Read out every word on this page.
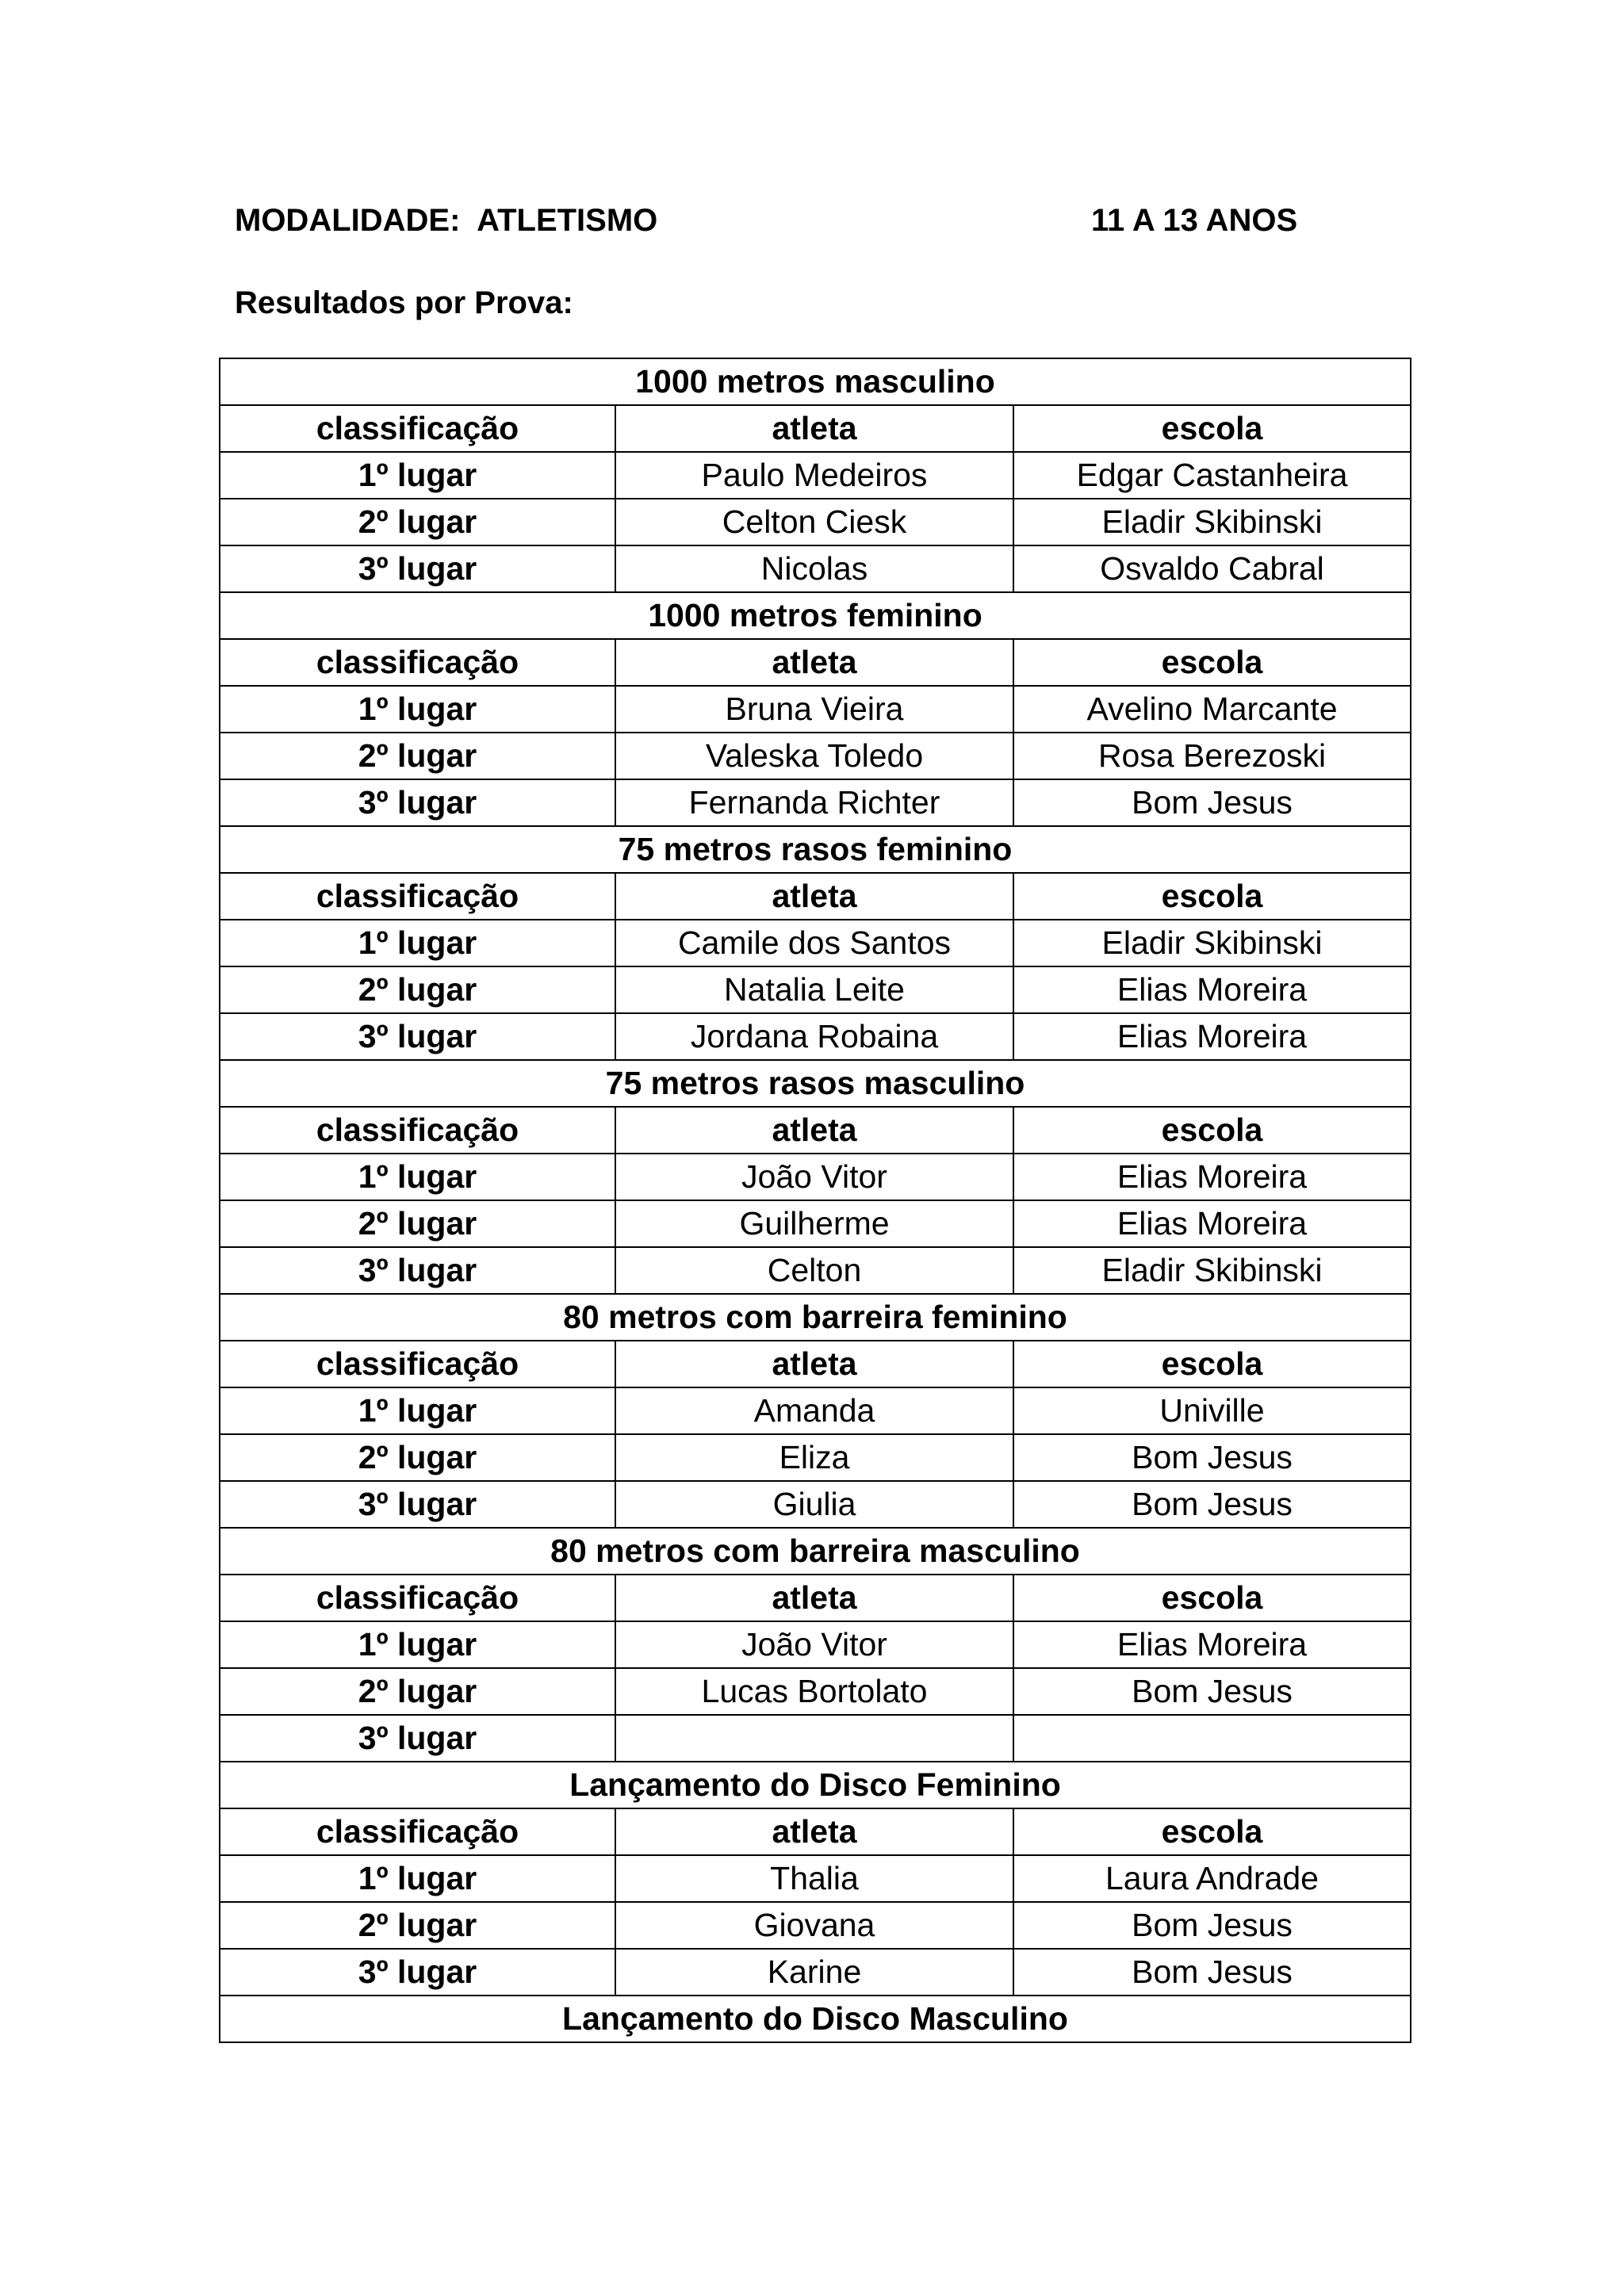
MODALIDADE:  ATLETISMO	11 A 13 ANOS
Resultados por Prova:
1000 metros masculino		
classificação	atleta	escola
1º lugar	Paulo Medeiros	Edgar Castanheira
2º lugar	Celton Ciesk	Eladir Skibinski
3º lugar	Nicolas	Osvaldo Cabral
1000 metros feminino		
classificação	atleta	escola
1º lugar	Bruna Vieira	Avelino Marcante
2º lugar	Valeska Toledo	Rosa Berezoski
3º lugar	Fernanda Richter	Bom Jesus
75 metros rasos feminino		
classificação	atleta	escola
1º lugar	Camile dos Santos	Eladir Skibinski
2º lugar	Natalia Leite	Elias Moreira
3º lugar	Jordana Robaina	Elias Moreira
75 metros rasos masculino		
classificação	atleta	escola
1º lugar	João Vitor	Elias Moreira
2º lugar	Guilherme	Elias Moreira
3º lugar	Celton	Eladir Skibinski
80 metros com barreira feminino		
classificação	atleta	escola
1º lugar	Amanda	Univille
2º lugar	Eliza	Bom Jesus
3º lugar	Giulia	Bom Jesus
80 metros com barreira masculino		
classificação	atleta	escola
1º lugar	João Vitor	Elias Moreira
2º lugar	Lucas Bortolato	Bom Jesus
3º lugar		
Lançamento do Disco Feminino		
classificação	atleta	escola
1º lugar	Thalia	Laura Andrade
2º lugar	Giovana	Bom Jesus
3º lugar	Karine	Bom Jesus
Lançamento do Disco Masculino		
